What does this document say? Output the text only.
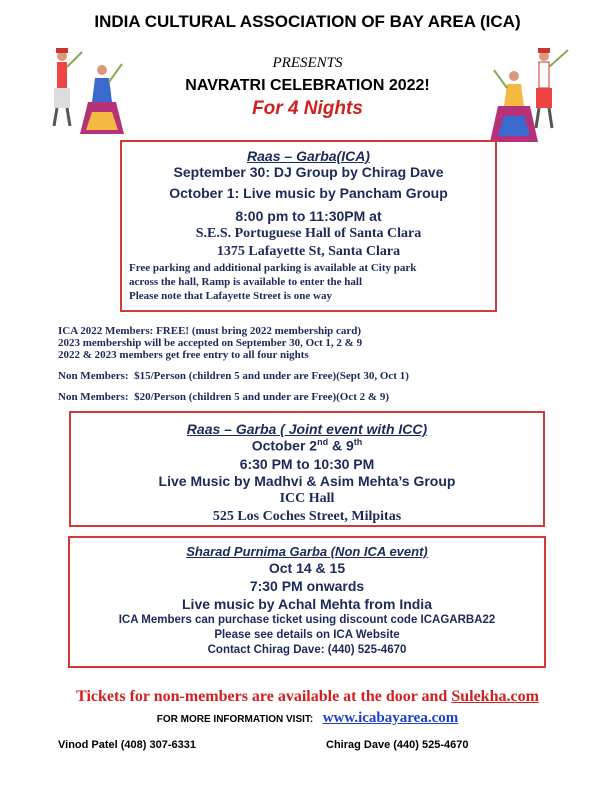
INDIA CULTURAL ASSOCIATION OF BAY AREA (ICA)
PRESENTS
NAVRATRI CELEBRATION 2022!
For 4 Nights
Raas – Garba(ICA)
September 30: DJ Group by Chirag Dave
October 1: Live music by Pancham Group
8:00 pm to 11:30PM at
S.E.S. Portuguese Hall of Santa Clara
1375 Lafayette St, Santa Clara
Free parking and additional parking is available at City park
across the hall, Ramp is available to enter the hall
Please note that Lafayette Street is one way
ICA 2022 Members: FREE! (must bring 2022 membership card)
2023 membership will be accepted on September 30, Oct 1, 2 & 9
2022 & 2023 members get free entry to all four nights
Non Members: $15/Person (children 5 and under are Free)(Sept 30, Oct 1)
Non Members: $20/Person (children 5 and under are Free)(Oct 2 & 9)
Raas – Garba ( Joint event with ICC)
October 2nd & 9th
6:30 PM to 10:30 PM
Live Music by Madhvi & Asim Mehta’s Group
ICC Hall
525 Los Coches Street, Milpitas
Sharad Purnima Garba (Non ICA event)
Oct 14 & 15
7:30 PM onwards
Live music by Achal Mehta from India
ICA Members can purchase ticket using discount code ICAGARBA22
Please see details on ICA Website
Contact Chirag Dave: (440) 525-4670
Tickets for non-members are available at the door and Sulekha.com
FOR MORE INFORMATION VISIT: www.icabayarea.com
Vinod Patel (408) 307-6331	Chirag Dave (440) 525-4670
